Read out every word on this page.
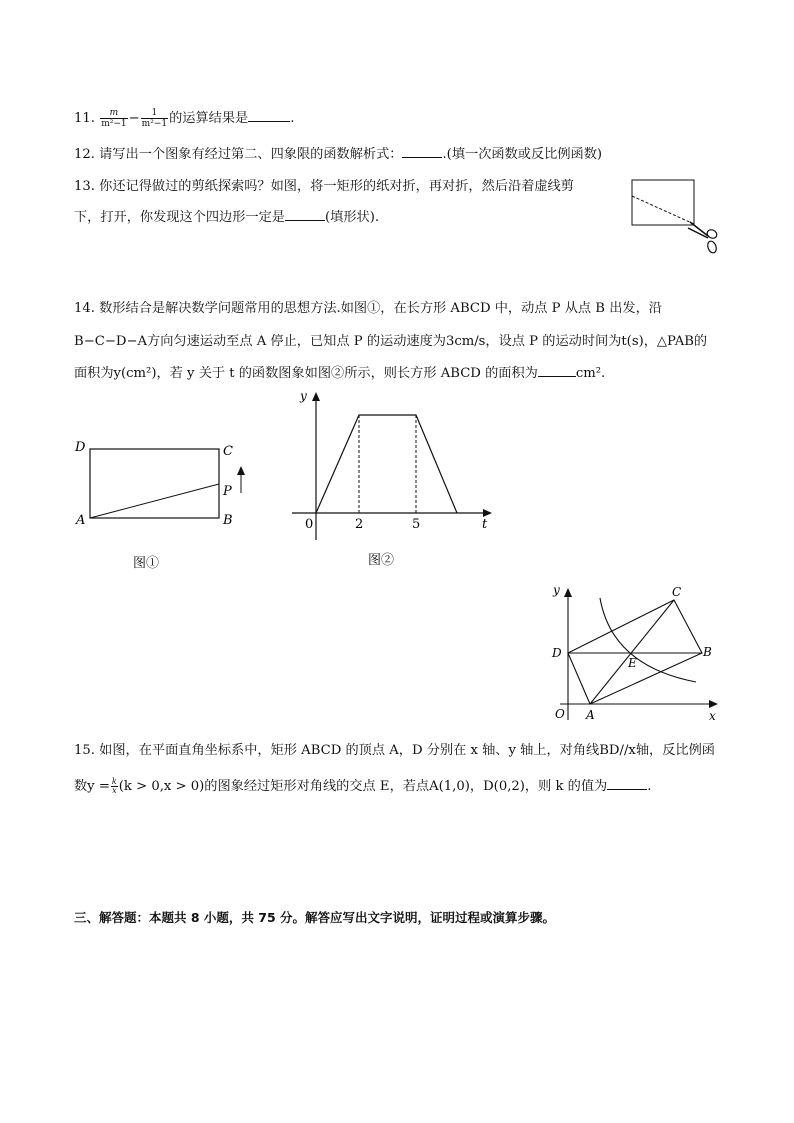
11. $\frac{m}{\text{m²−1}} - \frac{1}{\text{m²−1}}$ 的运算结果是	.
12. 请写出一个图象有经过第二、四象限的函数解析式：	.(填一次函数或反比例函数)
13. 你还记得做过的剪纸探索吗？如图，将一矩形的纸对折，再对折，然后沿着虚线剪
下，打开，你发现这个四边形一定是	(填形状).
14. 数形结合是解决数学问题常用的思想方法.如图①，在长方形 ABCD 中，动点 P 从点 B 出发，沿
B−C−D−A方向匀速运动至点 A 停止，已知点 P 的运动速度为3cm/s，设点 P 的运动时间为t(s)，△PAB的
面积为y(cm²)，若 y 关于 t 的函数图象如图②所示，则长方形 ABCD 的面积为	cm².
D	C
P
A	B
图①
y
t
0	2	5
图②
y
x
O A
B
C
D
E
15. 如图，在平面直角坐标系中，矩形 ABCD 的顶点 A，D 分别在 x 轴、y 轴上，对角线BD//x轴，反比例函
数$y = \frac{k}{x} (k > 0,x > 0)$的图象经过矩形对角线的交点 E，若点A(1,0)，D(0,2)，则 k 的值为	.
三、解答题：本题共 8 小题，共 75 分。解答应写出文字说明，证明过程或演算步骤。
